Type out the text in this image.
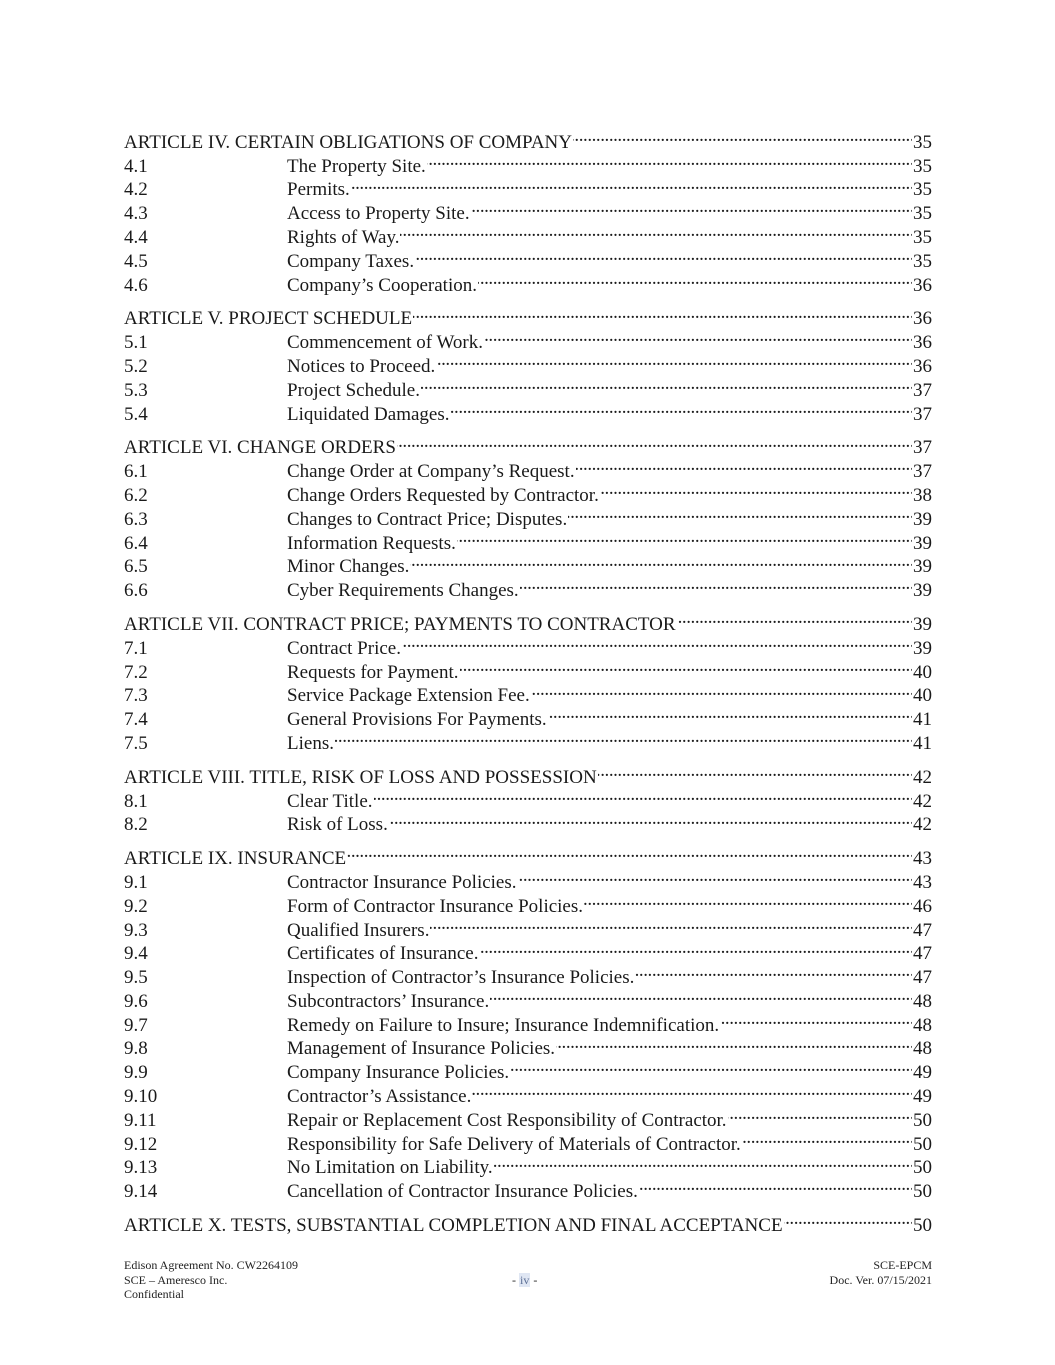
ARTICLE IV. CERTAIN OBLIGATIONS OF COMPANY . . .	35
4.1	The Property Site. . . .	35
4.2	Permits. . . .	35
4.3	Access to Property Site. . . .	35
4.4	Rights of Way. . . .	35
4.5	Company Taxes. . . .	35
4.6	Company’s Cooperation. . . .	36
ARTICLE V. PROJECT SCHEDULE . . .	36
5.1	Commencement of Work. . . .	36
5.2	Notices to Proceed. . . .	36
5.3	Project Schedule. . . .	37
5.4	Liquidated Damages. . . .	37
ARTICLE VI. CHANGE ORDERS . . .	37
6.1	Change Order at Company’s Request. . . .	37
6.2	Change Orders Requested by Contractor. . . .	38
6.3	Changes to Contract Price; Disputes. . . .	39
6.4	Information Requests. . . .	39
6.5	Minor Changes. . . .	39
6.6	Cyber Requirements Changes. . . .	39
ARTICLE VII. CONTRACT PRICE; PAYMENTS TO CONTRACTOR . . .	39
7.1	Contract Price. . . .	39
7.2	Requests for Payment. . . .	40
7.3	Service Package Extension Fee. . . .	40
7.4	General Provisions For Payments. . . .	41
7.5	Liens. . . .	41
ARTICLE VIII. TITLE, RISK OF LOSS AND POSSESSION . . .	42
8.1	Clear Title. . . .	42
8.2	Risk of Loss. . . .	42
ARTICLE IX. INSURANCE . . .	43
9.1	Contractor Insurance Policies. . . .	43
9.2	Form of Contractor Insurance Policies. . . .	46
9.3	Qualified Insurers. . . .	47
9.4	Certificates of Insurance. . . .	47
9.5	Inspection of Contractor’s Insurance Policies. . . .	47
9.6	Subcontractors’ Insurance. . . .	48
9.7	Remedy on Failure to Insure; Insurance Indemnification. . . .	48
9.8	Management of Insurance Policies. . . .	48
9.9	Company Insurance Policies. . . .	49
9.10	Contractor’s Assistance. . . .	49
9.11	Repair or Replacement Cost Responsibility of Contractor. . . .	50
9.12	Responsibility for Safe Delivery of Materials of Contractor. . . .	50
9.13	No Limitation on Liability. . . .	50
9.14	Cancellation of Contractor Insurance Policies. . . .	50
ARTICLE X. TESTS, SUBSTANTIAL COMPLETION AND FINAL ACCEPTANCE . . .	50
Edison Agreement No. CW2264109
SCE – Ameresco Inc.
Confidential
- iv -
SCE-EPCM
Doc. Ver. 07/15/2021
